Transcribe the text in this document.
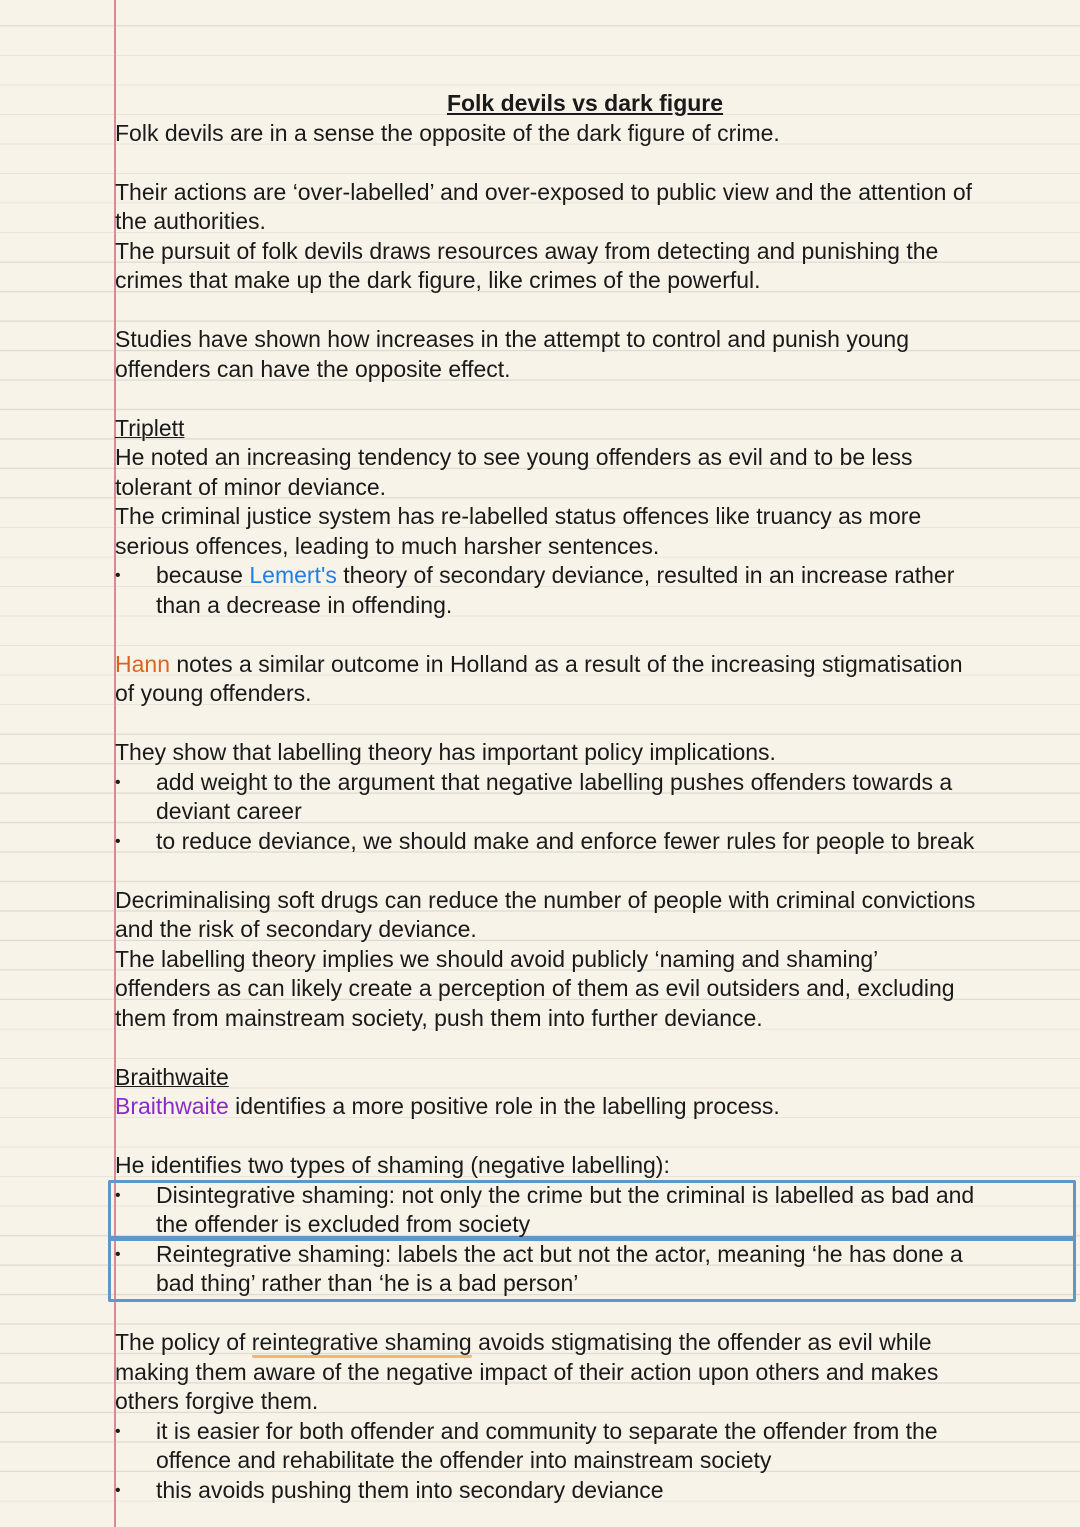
Folk devils vs dark figure
Folk devils are in a sense the opposite of the dark figure of crime.
Their actions are ‘over-labelled’ and over-exposed to public view and the attention of
the authorities.
The pursuit of folk devils draws resources away from detecting and punishing the
crimes that make up the dark figure, like crimes of the powerful.
Studies have shown how increases in the attempt to control and punish young
offenders can have the opposite effect.
Triplett
He noted an increasing tendency to see young offenders as evil and to be less
tolerant of minor deviance.
The criminal justice system has re-labelled status offences like truancy as more
serious offences, leading to much harsher sentences.
• because Lemert's theory of secondary deviance, resulted in an increase rather
than a decrease in offending.
Hann notes a similar outcome in Holland as a result of the increasing stigmatisation
of young offenders.
They show that labelling theory has important policy implications.
• add weight to the argument that negative labelling pushes offenders towards a
deviant career
• to reduce deviance, we should make and enforce fewer rules for people to break
Decriminalising soft drugs can reduce the number of people with criminal convictions
and the risk of secondary deviance.
The labelling theory implies we should avoid publicly ‘naming and shaming’
offenders as can likely create a perception of them as evil outsiders and, excluding
them from mainstream society, push them into further deviance.
Braithwaite
Braithwaite identifies a more positive role in the labelling process.
He identifies two types of shaming (negative labelling):
• Disintegrative shaming: not only the crime but the criminal is labelled as bad and
the offender is excluded from society
• Reintegrative shaming: labels the act but not the actor, meaning ‘he has done a
bad thing’ rather than ‘he is a bad person’
The policy of reintegrative shaming avoids stigmatising the offender as evil while
making them aware of the negative impact of their action upon others and makes
others forgive them.
• it is easier for both offender and community to separate the offender from the
offence and rehabilitate the offender into mainstream society
• this avoids pushing them into secondary deviance
